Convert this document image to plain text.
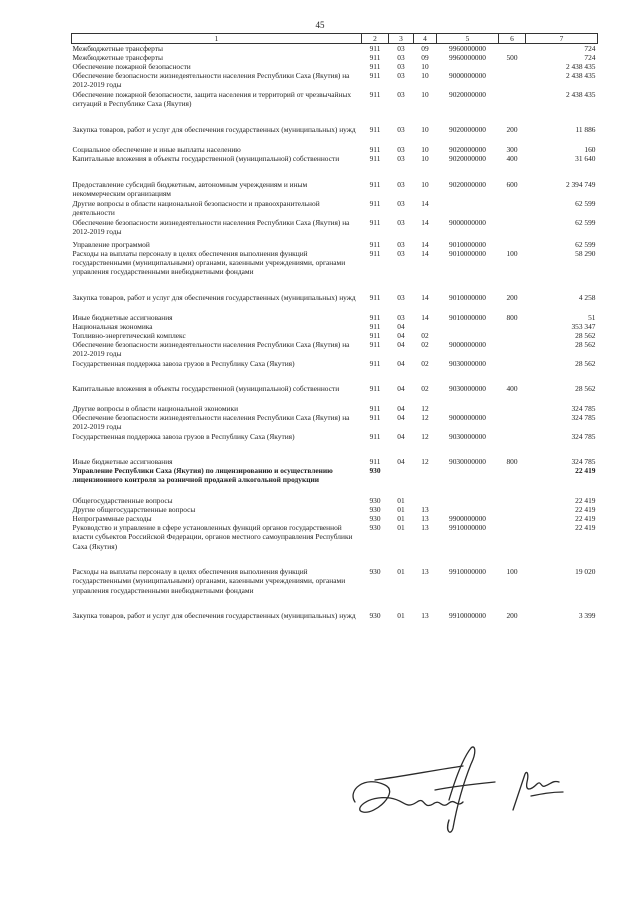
45
1	2	3	4	5	6	7
Межбюджетные трансферты	911	03	09	9960000000		724
Межбюджетные трансферты	911	03	09	9960000000	500	724
Обеспечение пожарной безопасности	911	03	10			2 438 435
Обеспечение безопасности жизнедеятельности населения Республики Саха (Якутия) на 2012-2019 годы	911	03	10	9000000000		2 438 435
Обеспечение пожарной безопасности, защита населения и территорий от чрезвычайных ситуаций в Республике Саха (Якутия)	911	03	10	9020000000		2 438 435
Закупка товаров, работ и услуг для обеспечения государственных (муниципальных) нужд	911	03	10	9020000000	200	11 886
Социальное обеспечение и иные выплаты населению	911	03	10	9020000000	300	160
Капитальные вложения в объекты государственной (муниципальной) собственности	911	03	10	9020000000	400	31 640
Предоставление субсидий бюджетным, автономным учреждениям и иным некоммерческим организациям	911	03	10	9020000000	600	2 394 749
Другие вопросы в области национальной безопасности и правоохранительной деятельности	911	03	14			62 599
Обеспечение безопасности жизнедеятельности населения Республики Саха (Якутия) на 2012-2019 годы	911	03	14	9000000000		62 599
Управление программой	911	03	14	9010000000		62 599
Расходы на выплаты персоналу в целях обеспечения выполнения функций государственными (муниципальными) органами, казенными учреждениями, органами управления государственными внебюджетными фондами	911	03	14	9010000000	100	58 290
Закупка товаров, работ и услуг для обеспечения государственных (муниципальных) нужд	911	03	14	9010000000	200	4 258
Иные бюджетные ассигнования	911	03	14	9010000000	800	51
Национальная экономика	911	04				353 347
Топливно-энергетический комплекс	911	04	02			28 562
Обеспечение безопасности жизнедеятельности населения Республики Саха (Якутия) на 2012-2019 годы	911	04	02	9000000000		28 562
Государственная поддержка завоза грузов в Республику Саха (Якутия)	911	04	02	9030000000		28 562
Капитальные вложения в объекты государственной (муниципальной) собственности	911	04	02	9030000000	400	28 562
Другие вопросы в области национальной экономики	911	04	12			324 785
Обеспечение безопасности жизнедеятельности населения Республики Саха (Якутия) на 2012-2019 годы	911	04	12	9000000000		324 785
Государственная поддержка завоза грузов в Республику Саха (Якутия)	911	04	12	9030000000		324 785
Иные бюджетные ассигнования	911	04	12	9030000000	800	324 785
Управление Республики Саха (Якутия) по лицензированию и осуществлению лицензионного контроля за розничной продажей алкогольной продукции	930					22 419
Общегосударственные вопросы	930	01				22 419
Другие общегосударственные вопросы	930	01	13			22 419
Непрограммные расходы	930	01	13	9900000000		22 419
Руководство и управление в сфере установленных функций органов государственной власти субъектов Российской Федерации, органов местного самоуправления Республики Саха (Якутия)	930	01	13	9910000000		22 419
Расходы на выплаты персоналу в целях обеспечения выполнения функций государственными (муниципальными) органами, казенными учреждениями, органами управления государственными внебюджетными фондами	930	01	13	9910000000	100	19 020
Закупка товаров, работ и услуг для обеспечения государственных (муниципальных) нужд	930	01	13	9910000000	200	3 399
